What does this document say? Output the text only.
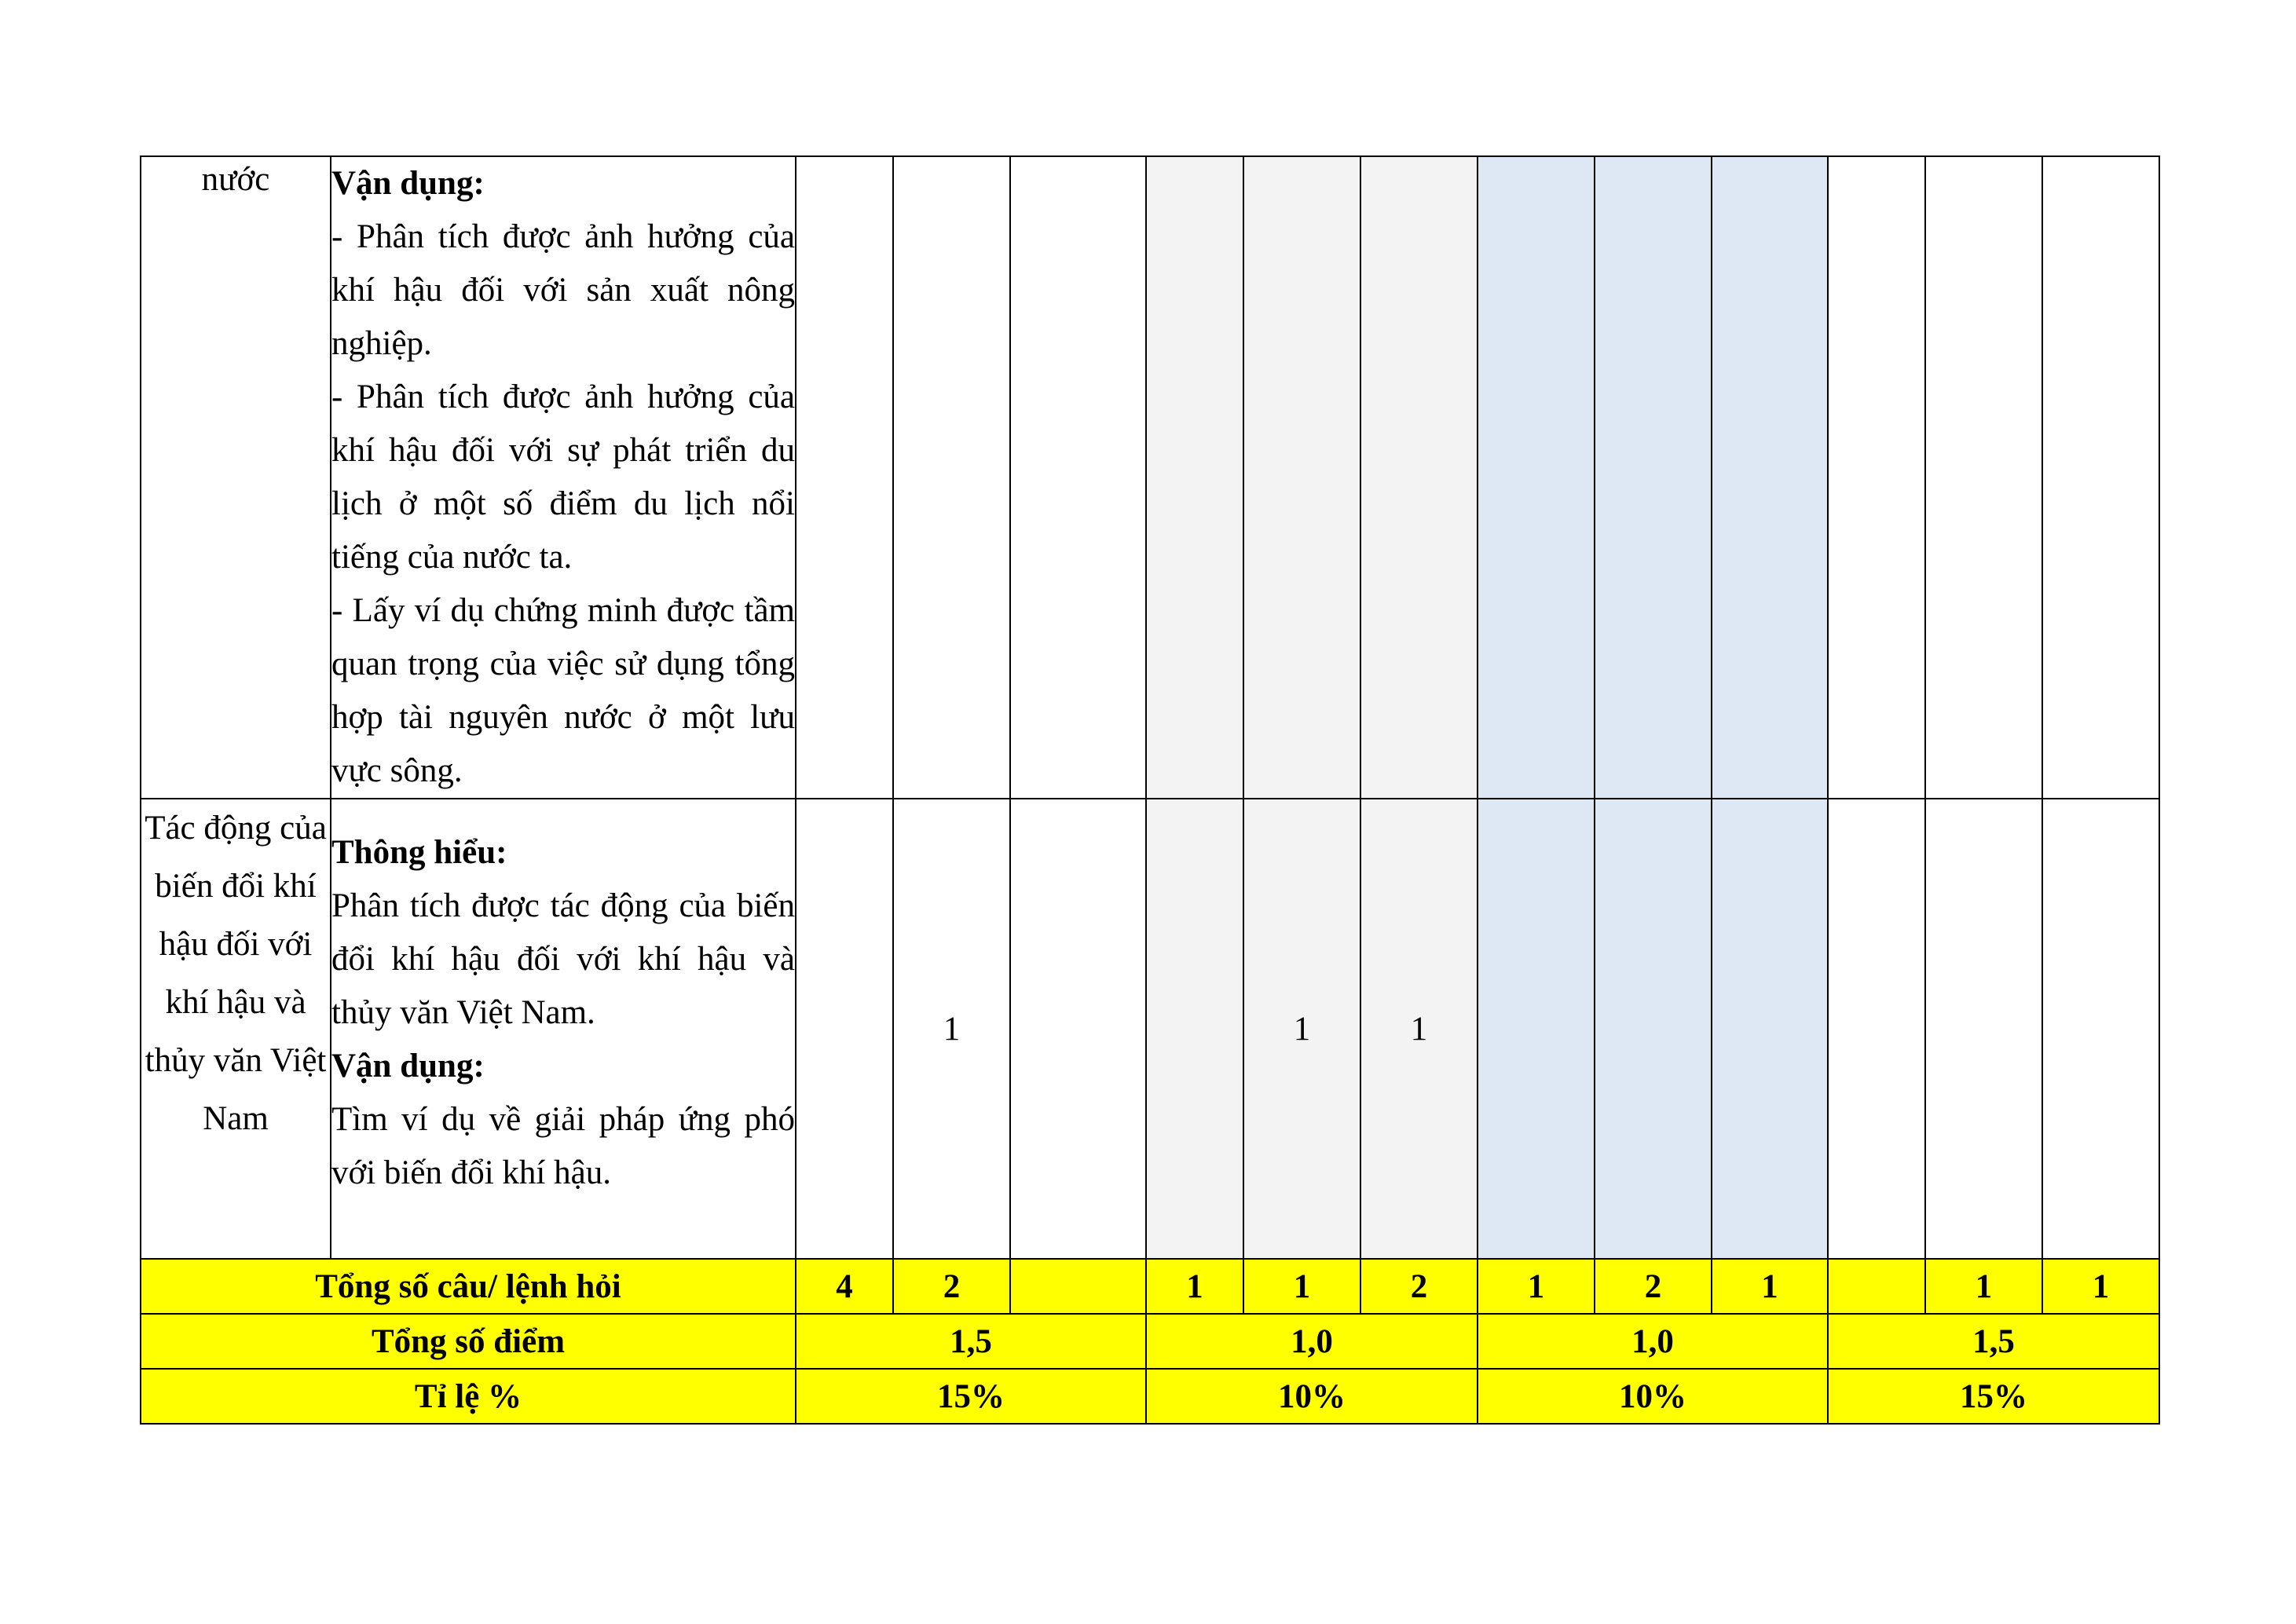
nước	Vận dụng:
- Phân tích được ảnh hưởng của khí hậu đối với sản xuất nông nghiệp.
- Phân tích được ảnh hưởng của khí hậu đối với sự phát triển du lịch ở một số điểm du lịch nổi tiếng của nước ta.
- Lấy ví dụ chứng minh được tầm quan trọng của việc sử dụng tổng hợp tài nguyên nước ở một lưu vực sông.												

Tác động của biến đổi khí hậu đối với khí hậu và thủy văn Việt Nam	Thông hiểu:
Phân tích được tác động của biến đổi khí hậu đối với khí hậu và thủy văn Việt Nam.
Vận dụng:
Tìm ví dụ về giải pháp ứng phó với biến đổi khí hậu.		1			1	1						
Tổng số câu/ lệnh hỏi		4	2		1	1	2	1	2	1		1	1
Tổng số điểm		1,5			1,0			1,0			1,5		
Tỉ lệ %		15%			10%			10%			15%		
